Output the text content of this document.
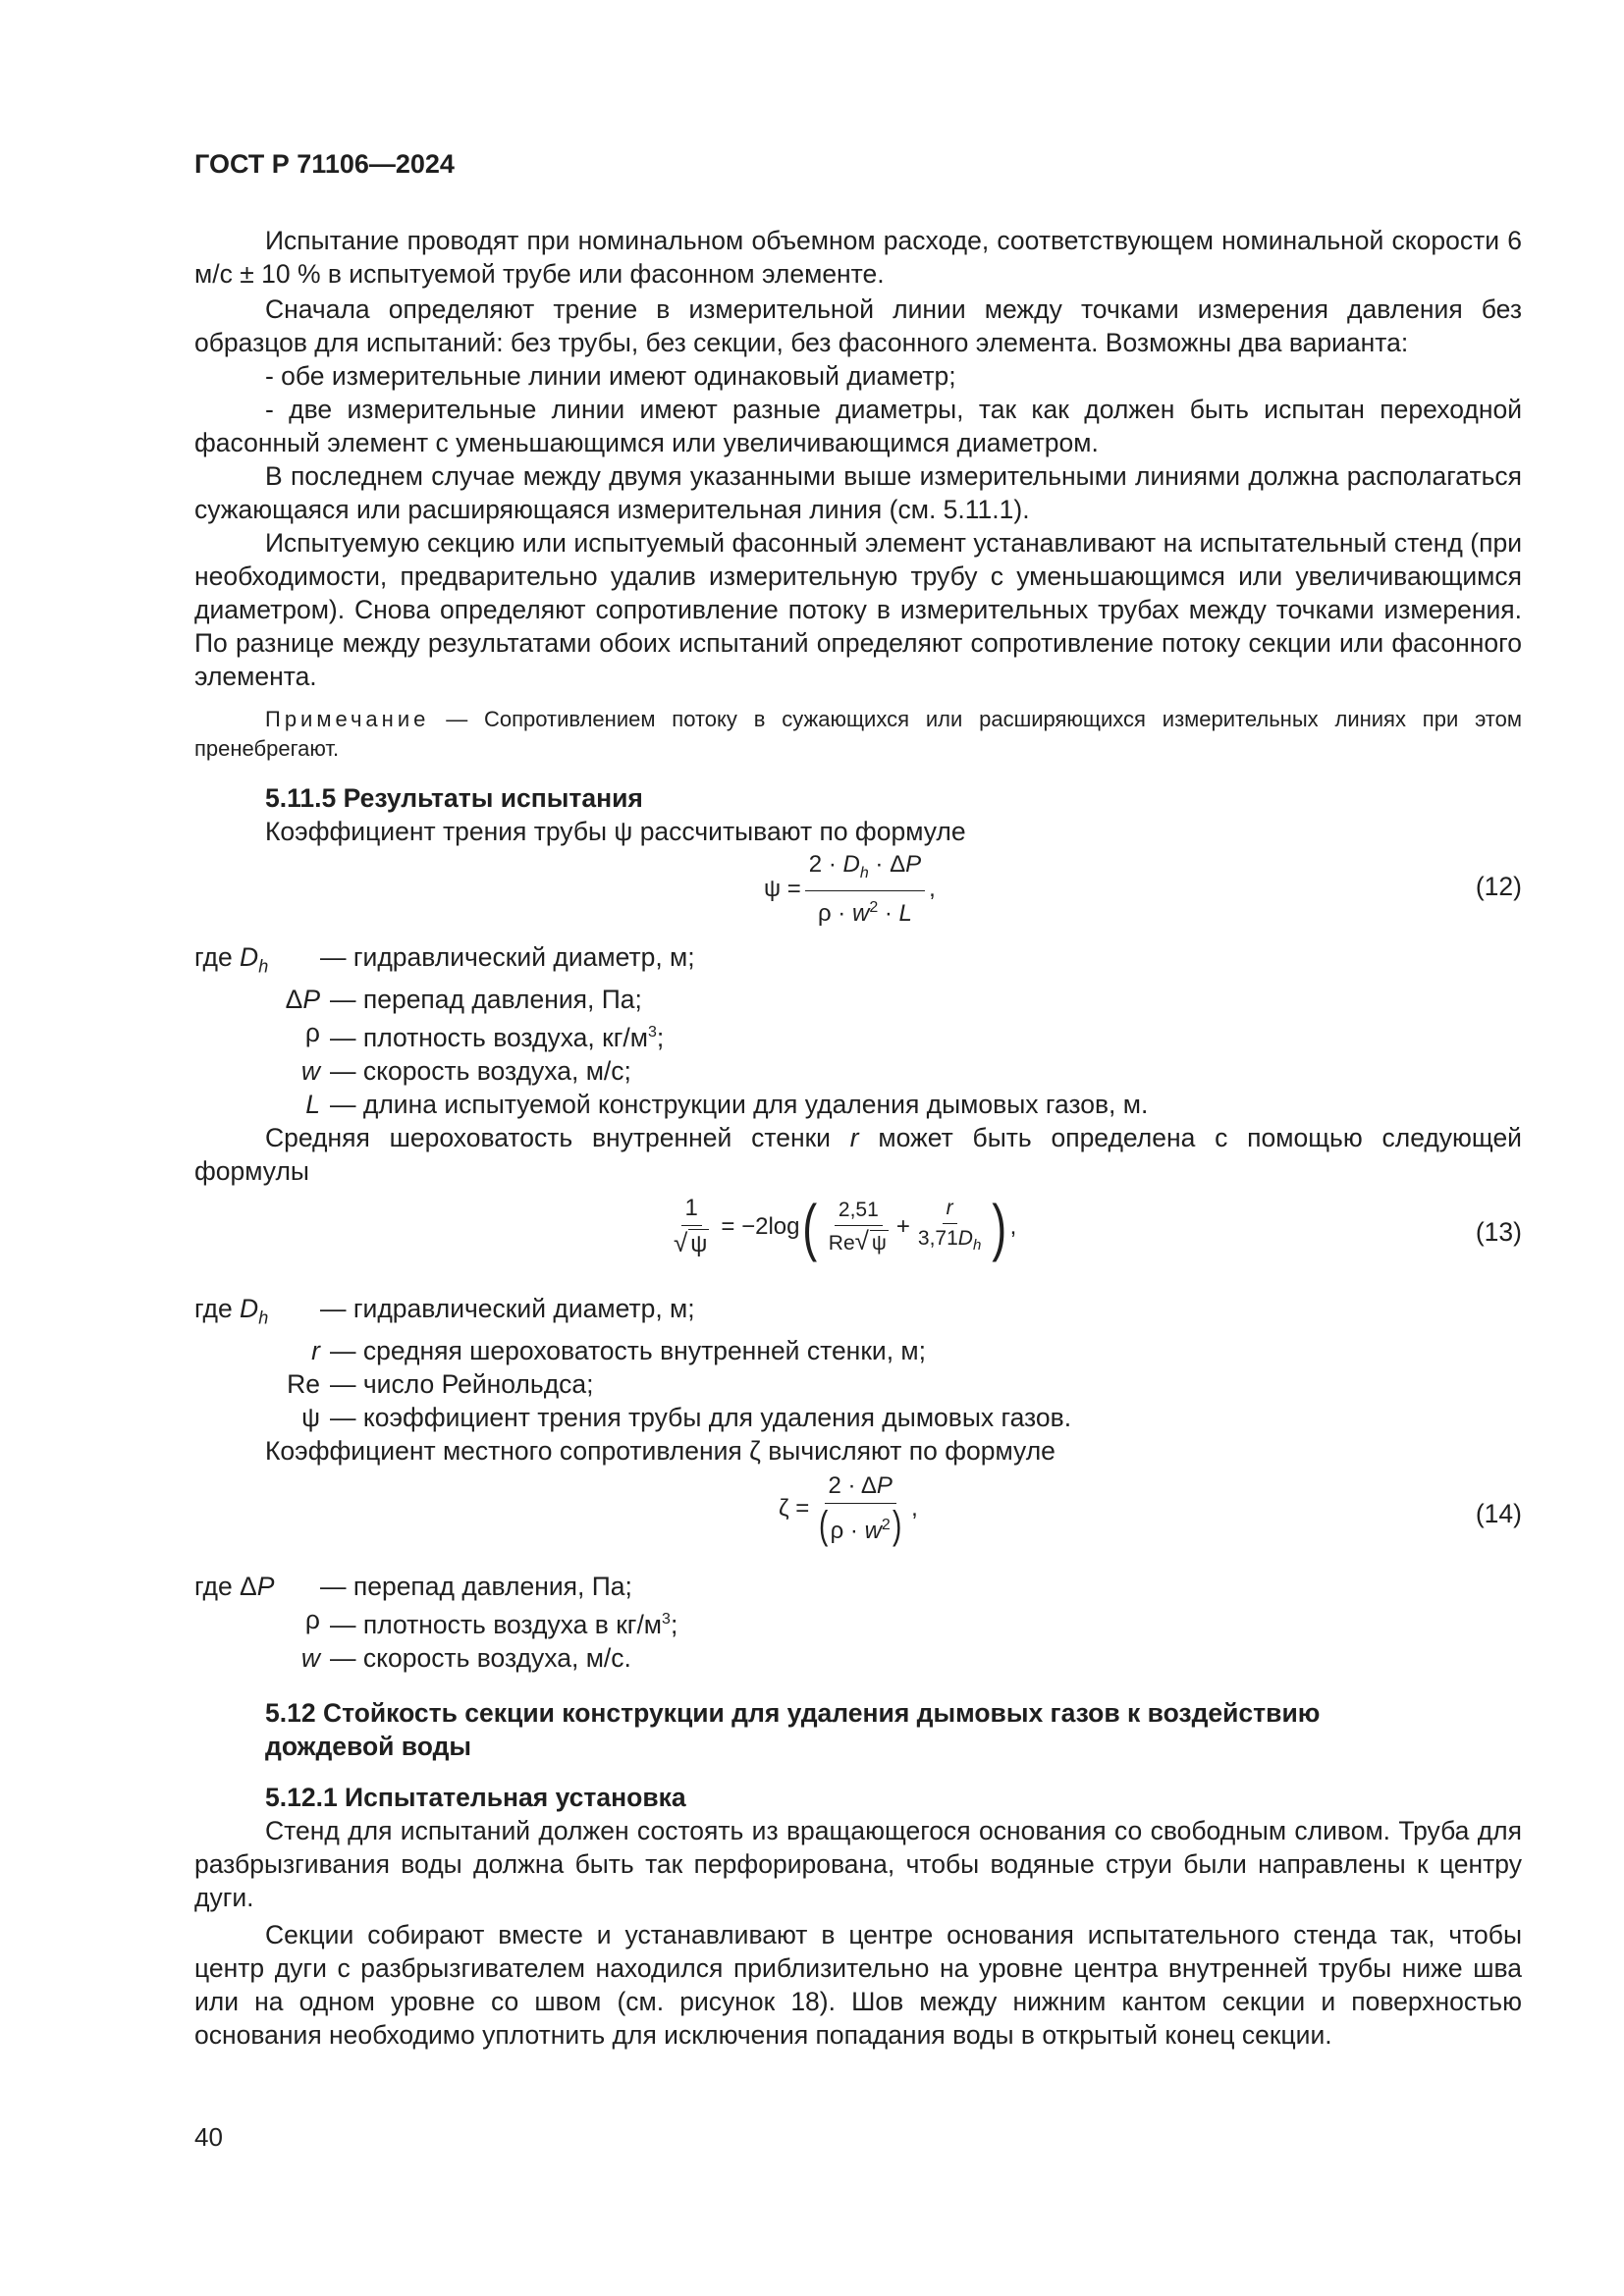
ГОСТ Р 71106—2024

Испытание проводят при номинальном объемном расходе, соответствующем номинальной скорости 6 м/с ± 10 % в испытуемой трубе или фасонном элементе.

Сначала определяют трение в измерительной линии между точками измерения давления без образцов для испытаний: без трубы, без секции, без фасонного элемента. Возможны два варианта:

- обе измерительные линии имеют одинаковый диаметр;

- две измерительные линии имеют разные диаметры, так как должен быть испытан переходной фасонный элемент с уменьшающимся или увеличивающимся диаметром.

В последнем случае между двумя указанными выше измерительными линиями должна располагаться сужающаяся или расширяющаяся измерительная линия (см. 5.11.1).

Испытуемую секцию или испытуемый фасонный элемент устанавливают на испытательный стенд (при необходимости, предварительно удалив измерительную трубу с уменьшающимся или увеличивающимся диаметром). Снова определяют сопротивление потоку в измерительных трубах между точками измерения. По разнице между результатами обоих испытаний определяют сопротивление потоку секции или фасонного элемента.

Примечание — Сопротивлением потоку в сужающихся или расширяющихся измерительных линиях при этом пренебрегают.

5.11.5 Результаты испытания

Коэффициент трения трубы ψ рассчитывают по формуле

$\psi = \frac{2 \cdot D_h \cdot \Delta P}{\rho \cdot w^2 \cdot L}$ ,	(12)
где $D_h$	— гидравлический диаметр, м;
ΔP — перепад давления, Па;
ρ — плотность воздуха, $кг/м^3$;
w — скорость воздуха, м/с;
L — длина испытуемой конструкции для удаления дымовых газов, м.

Средняя шероховатость внутренней стенки r может быть определена с помощью следующей формулы

$\frac{1}{√ \psi} = -2\log$ ( $\frac{2,51}{Re√ \psi} + \frac{r}{3,71D_h}$ ) ,	(13)
где $D_h$	— гидравлический диаметр, м;
r — средняя шероховатость внутренней стенки, м;
Re — число Рейнольдса;
ψ — коэффициент трения трубы для удаления дымовых газов.

Коэффициент местного сопротивления ζ вычисляют по формуле

$\zeta = \frac{2 \cdot \Delta P}{(\rho \cdot w^2)}$ ,	(14)
где ΔP	— перепад давления, Па;
ρ — плотность воздуха в $кг/м^3$;
w — скорость воздуха, м/с.
5.12 Стойкость секции конструкции для удаления дымовых газов к воздействию дождевой воды
5.12.1 Испытательная установка

Стенд для испытаний должен состоять из вращающегося основания со свободным сливом. Труба для разбрызгивания воды должна быть так перфорирована, чтобы водяные струи были направлены к центру дуги.

Секции собирают вместе и устанавливают в центре основания испытательного стенда так, чтобы центр дуги с разбрызгивателем находился приблизительно на уровне центра внутренней трубы ниже шва или на одном уровне со швом (см. рисунок 18). Шов между нижним кантом секции и поверхностью основания необходимо уплотнить для исключения попадания воды в открытый конец секции.

40
